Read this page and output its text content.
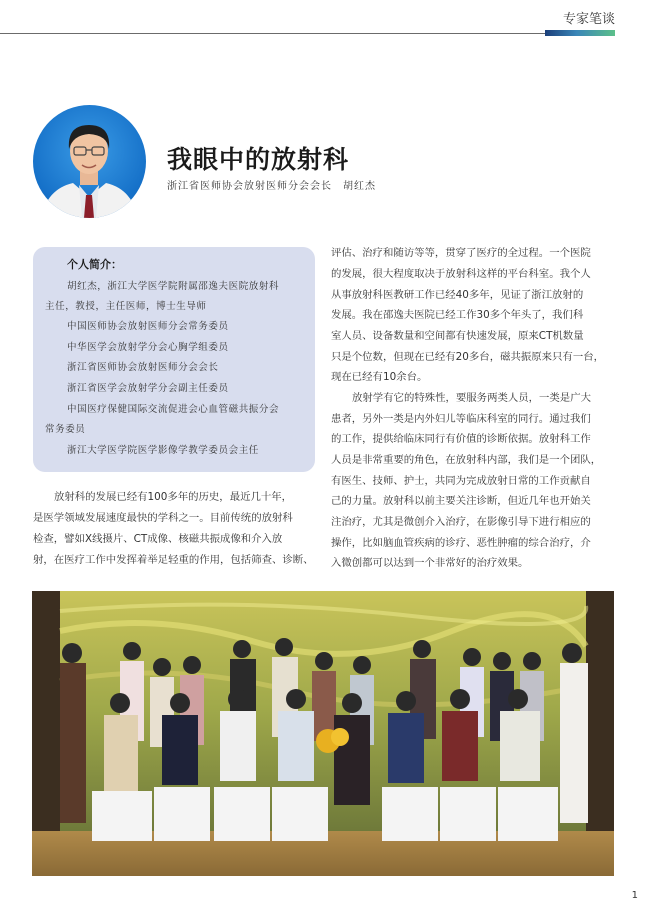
专家笔谈
我眼中的放射科
浙江省医师协会放射医师分会会长　胡红杰
个人简介：
胡红杰，浙江大学医学院附属邵逸夫医院放射科
主任，教授，主任医师，博士生导师
中国医师协会放射医师分会常务委员
中华医学会放射学分会心胸学组委员
浙江省医师协会放射医师分会会长
浙江省医学会放射学分会副主任委员
中国医疗保健国际交流促进会心血管磁共振分会
常务委员
浙江大学医学院医学影像学教学委员会主任
放射科的发展已经有100多年的历史，最近几十年，
是医学领域发展速度最快的学科之一。目前传统的放射科
检查，譬如X线摄片、CT成像、核磁共振成像和介入放
射，在医疗工作中发挥着举足轻重的作用，包括筛查、诊断、
评估、治疗和随访等等，贯穿了医疗的全过程。一个医院
的发展，很大程度取决于放射科这样的平台科室。我个人
从事放射科医教研工作已经40多年，见证了浙江放射的
发展。我在邵逸夫医院已经工作30多个年头了，我们科
室人员、设备数量和空间都有快速发展，原来CT机数量
只是个位数，但现在已经有20多台，磁共振原来只有一台，
现在已经有10余台。
放射学有它的特殊性，要服务两类人员，一类是广大
患者，另外一类是内外妇儿等临床科室的同行。通过我们
的工作，提供给临床同行有价值的诊断依据。放射科工作
人员是非常重要的角色，在放射科内部，我们是一个团队，
有医生、技师、护士，共同为完成放射日常的工作贡献自
己的力量。放射科以前主要关注诊断，但近几年也开始关
注治疗，尤其是微创介入治疗，在影像引导下进行相应的
操作，比如脑血管疾病的诊疗、恶性肿瘤的综合治疗，介
入微创都可以达到一个非常好的治疗效果。
1
